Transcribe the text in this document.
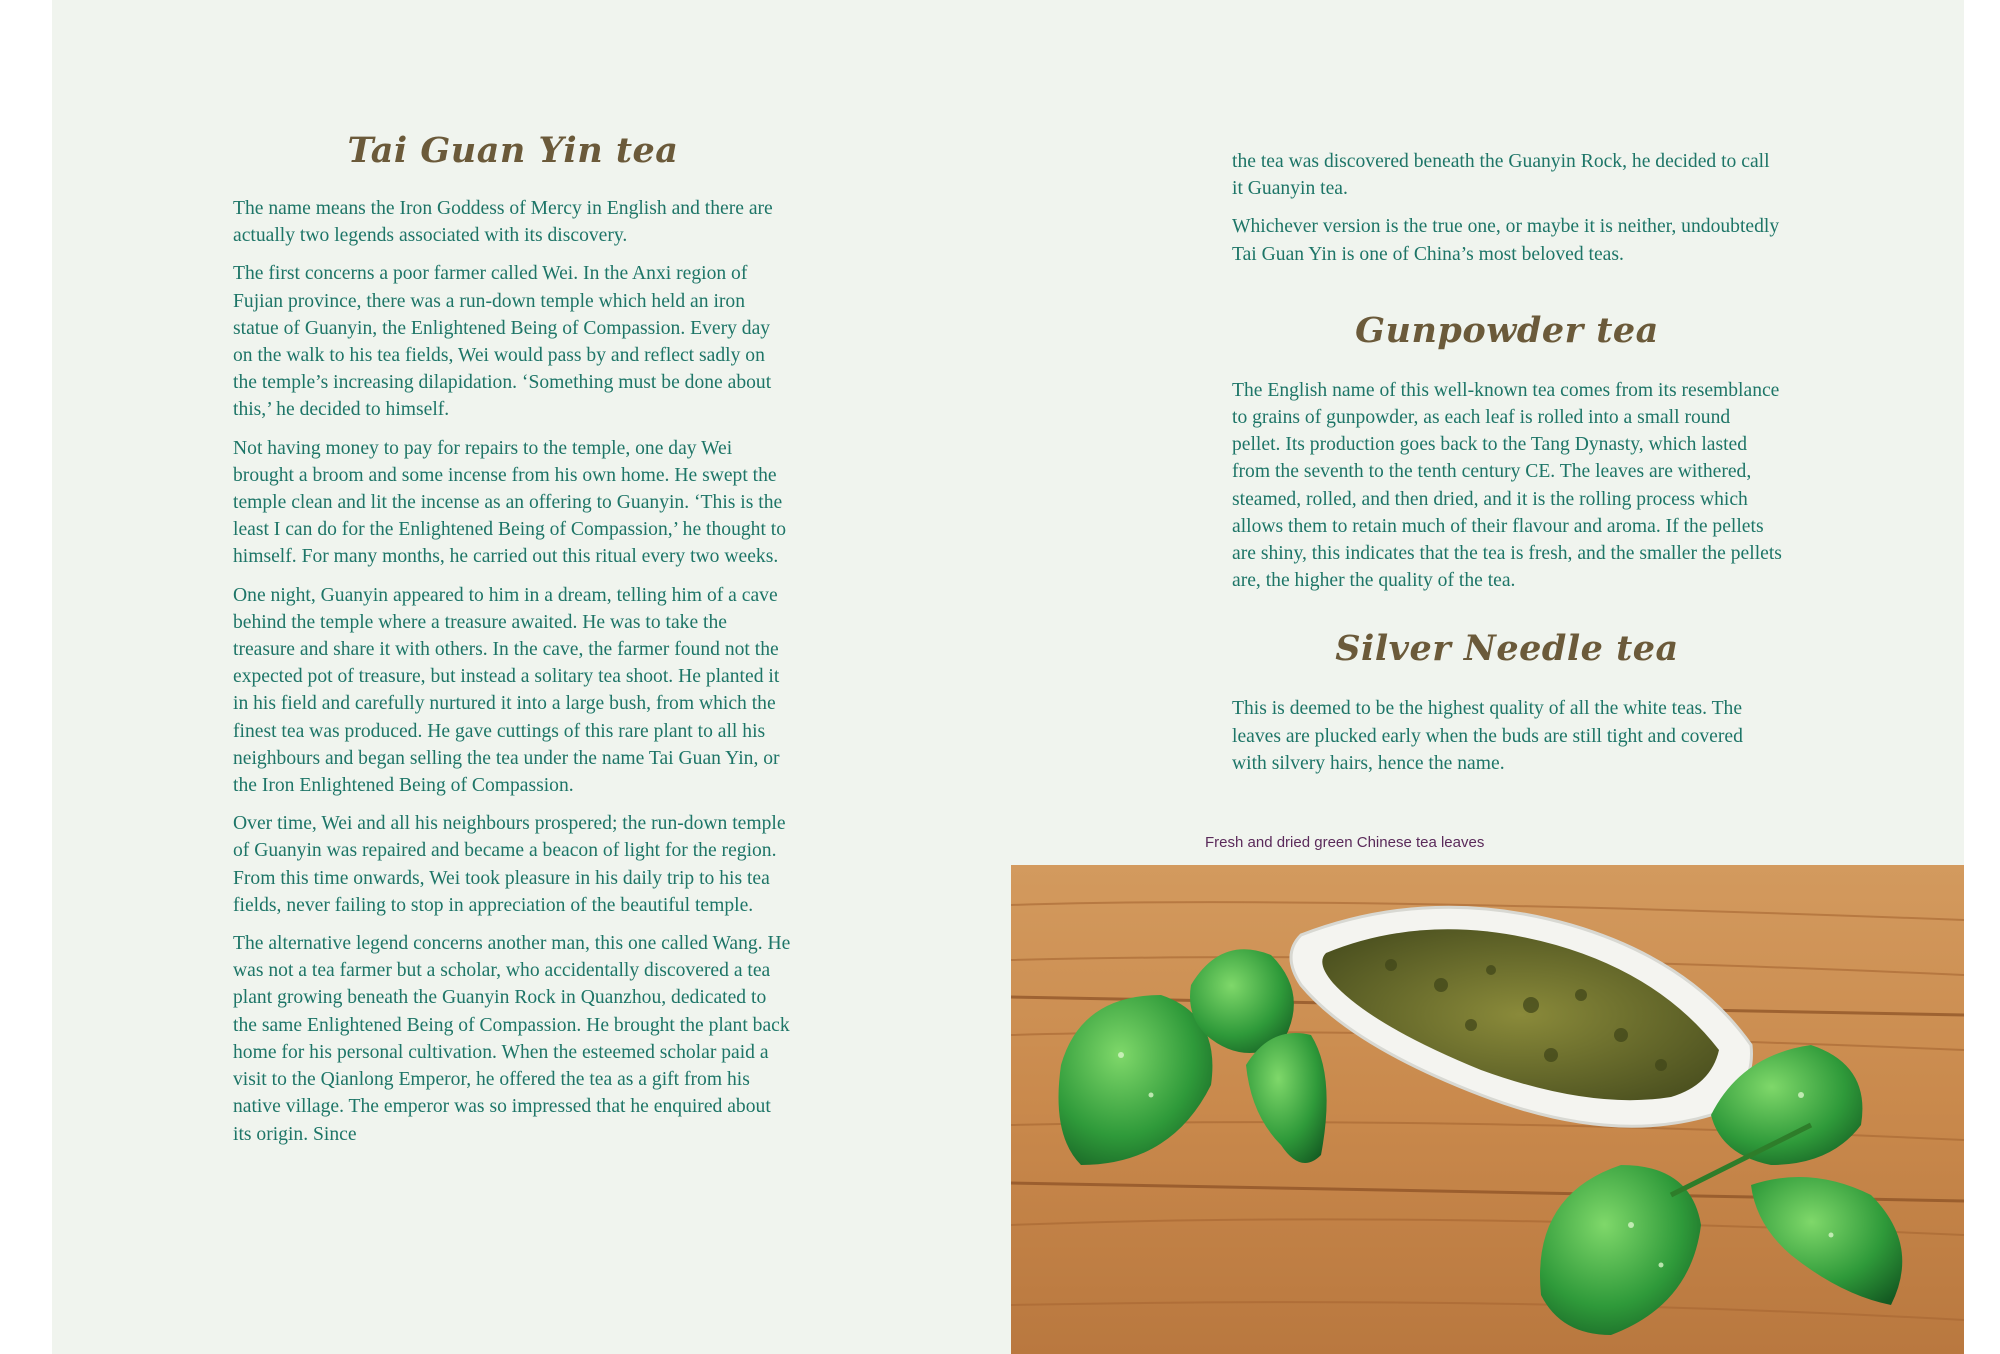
Tai Guan Yin tea

The name means the Iron Goddess of Mercy in English and there are actually two legends associated with its discovery.

The first concerns a poor farmer called Wei. In the Anxi region of Fujian province, there was a run-down temple which held an iron statue of Guanyin, the Enlightened Being of Compassion. Every day on the walk to his tea fields, Wei would pass by and reflect sadly on the temple’s increasing dilapidation. ‘Something must be done about this,’ he decided to himself.

Not having money to pay for repairs to the temple, one day Wei brought a broom and some incense from his own home. He swept the temple clean and lit the incense as an offering to Guanyin. ‘This is the least I can do for the Enlightened Being of Compassion,’ he thought to himself. For many months, he carried out this ritual every two weeks.

One night, Guanyin appeared to him in a dream, telling him of a cave behind the temple where a treasure awaited. He was to take the treasure and share it with others. In the cave, the farmer found not the expected pot of treasure, but instead a solitary tea shoot. He planted it in his field and carefully nurtured it into a large bush, from which the finest tea was produced. He gave cuttings of this rare plant to all his neighbours and began selling the tea under the name Tai Guan Yin, or the Iron Enlightened Being of Compassion.

Over time, Wei and all his neighbours prospered; the run-down temple of Guanyin was repaired and became a beacon of light for the region. From this time onwards, Wei took pleasure in his daily trip to his tea fields, never failing to stop in appreciation of the beautiful temple.

The alternative legend concerns another man, this one called Wang. He was not a tea farmer but a scholar, who accidentally discovered a tea plant growing beneath the Guanyin Rock in Quanzhou, dedicated to the same Enlightened Being of Compassion. He brought the plant back home for his personal cultivation. When the esteemed scholar paid a visit to the Qianlong Emperor, he offered the tea as a gift from his native village. The emperor was so impressed that he enquired about its origin. Since

the tea was discovered beneath the Guanyin Rock, he decided to call it Guanyin tea.

Whichever version is the true one, or maybe it is neither, undoubtedly Tai Guan Yin is one of China’s most beloved teas.

Gunpowder tea

The English name of this well-known tea comes from its resemblance to grains of gunpowder, as each leaf is rolled into a small round pellet. Its production goes back to the Tang Dynasty, which lasted from the seventh to the tenth century CE. The leaves are withered, steamed, rolled, and then dried, and it is the rolling process which allows them to retain much of their flavour and aroma. If the pellets are shiny, this indicates that the tea is fresh, and the smaller the pellets are, the higher the quality of the tea.

Silver Needle tea

This is deemed to be the highest quality of all the white teas. The leaves are plucked early when the buds are still tight and covered with silvery hairs, hence the name.

Fresh and dried green Chinese tea leaves
